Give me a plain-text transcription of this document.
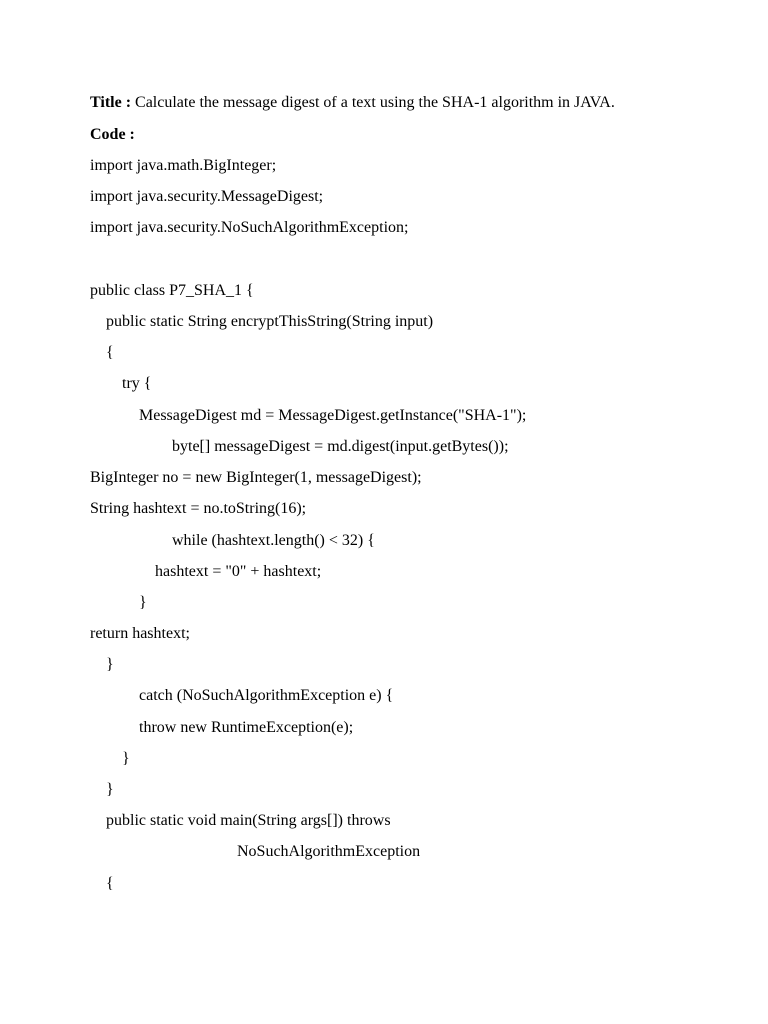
Title : Calculate the message digest of a text using the SHA-1 algorithm in JAVA.
Code :
import java.math.BigInteger;
import java.security.MessageDigest;
import java.security.NoSuchAlgorithmException;
public class P7_SHA_1 {
public static String encryptThisString(String input)
{
try {
MessageDigest md = MessageDigest.getInstance("SHA-1");
byte[] messageDigest = md.digest(input.getBytes());
BigInteger no = new BigInteger(1, messageDigest);
String hashtext = no.toString(16);
while (hashtext.length() < 32) {
hashtext = "0" + hashtext;
}
return hashtext;
}
catch (NoSuchAlgorithmException e) {
throw new RuntimeException(e);
}
}
public static void main(String args[]) throws
NoSuchAlgorithmException
{
